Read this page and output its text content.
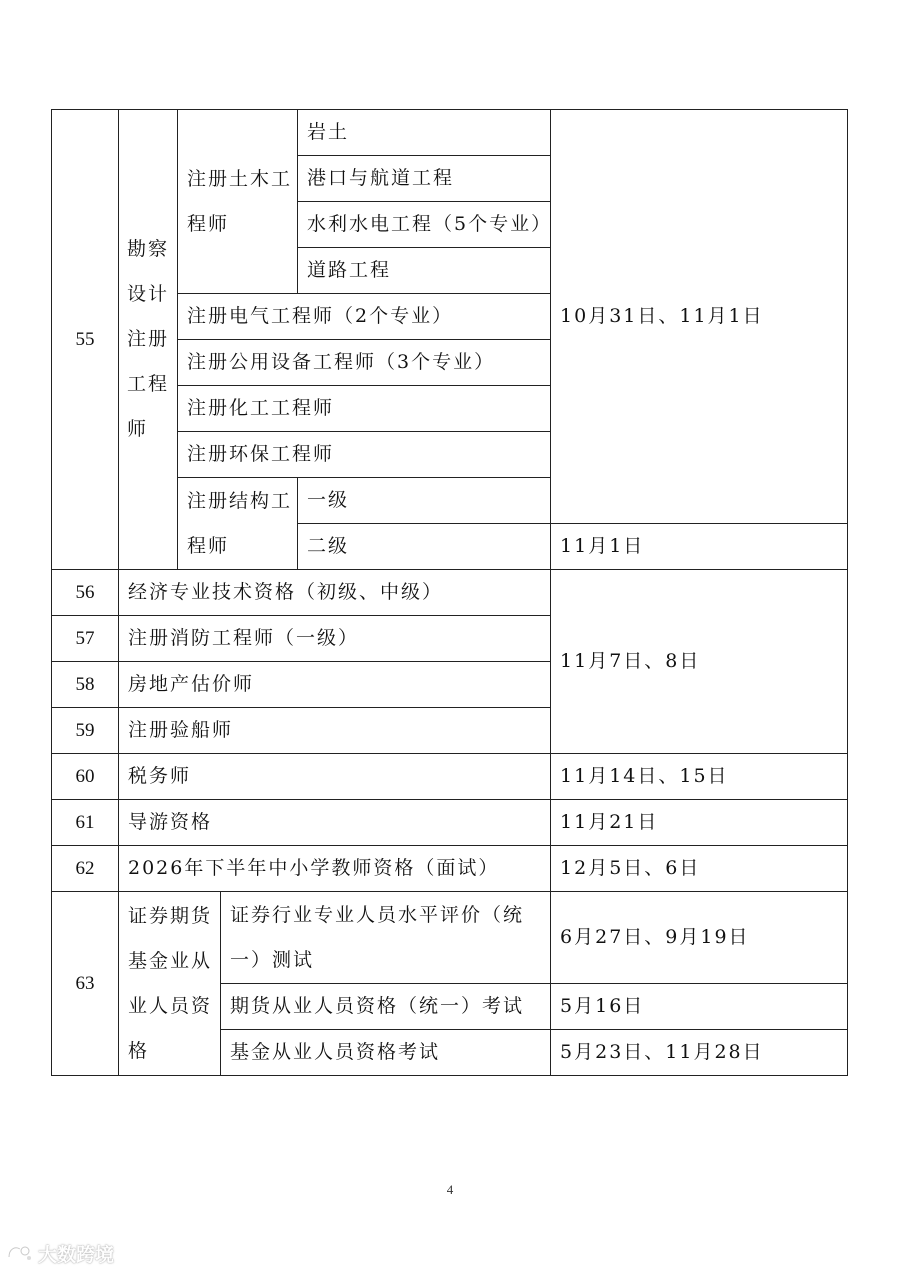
55	勘察设计注册工程师	注册土木工程师		岩土	10月31日、11月1日
				港口与航道工程	
				水利水电工程（5个专业）	
				道路工程	
		注册电气工程师（2个专业）			
		注册公用设备工程师（3个专业）			
		注册化工工程师			
		注册环保工程师			
		注册结构工程师		一级	
				二级	11月1日
56	经济专业技术资格（初级、中级）				11月7日、8日
57	注册消防工程师（一级）				
58	房地产估价师				
59	注册验船师				
60	税务师				11月14日、15日
61	导游资格				11月21日
62	2026年下半年中小学教师资格（面试）				12月5日、6日
63	证券期货基金业从业人员资格		证券行业专业人员水平评价（统一）测试		6月27日、9月19日
			期货从业人员资格（统一）考试		5月16日
			基金从业人员资格考试		5月23日、11月28日
4
大数跨境
